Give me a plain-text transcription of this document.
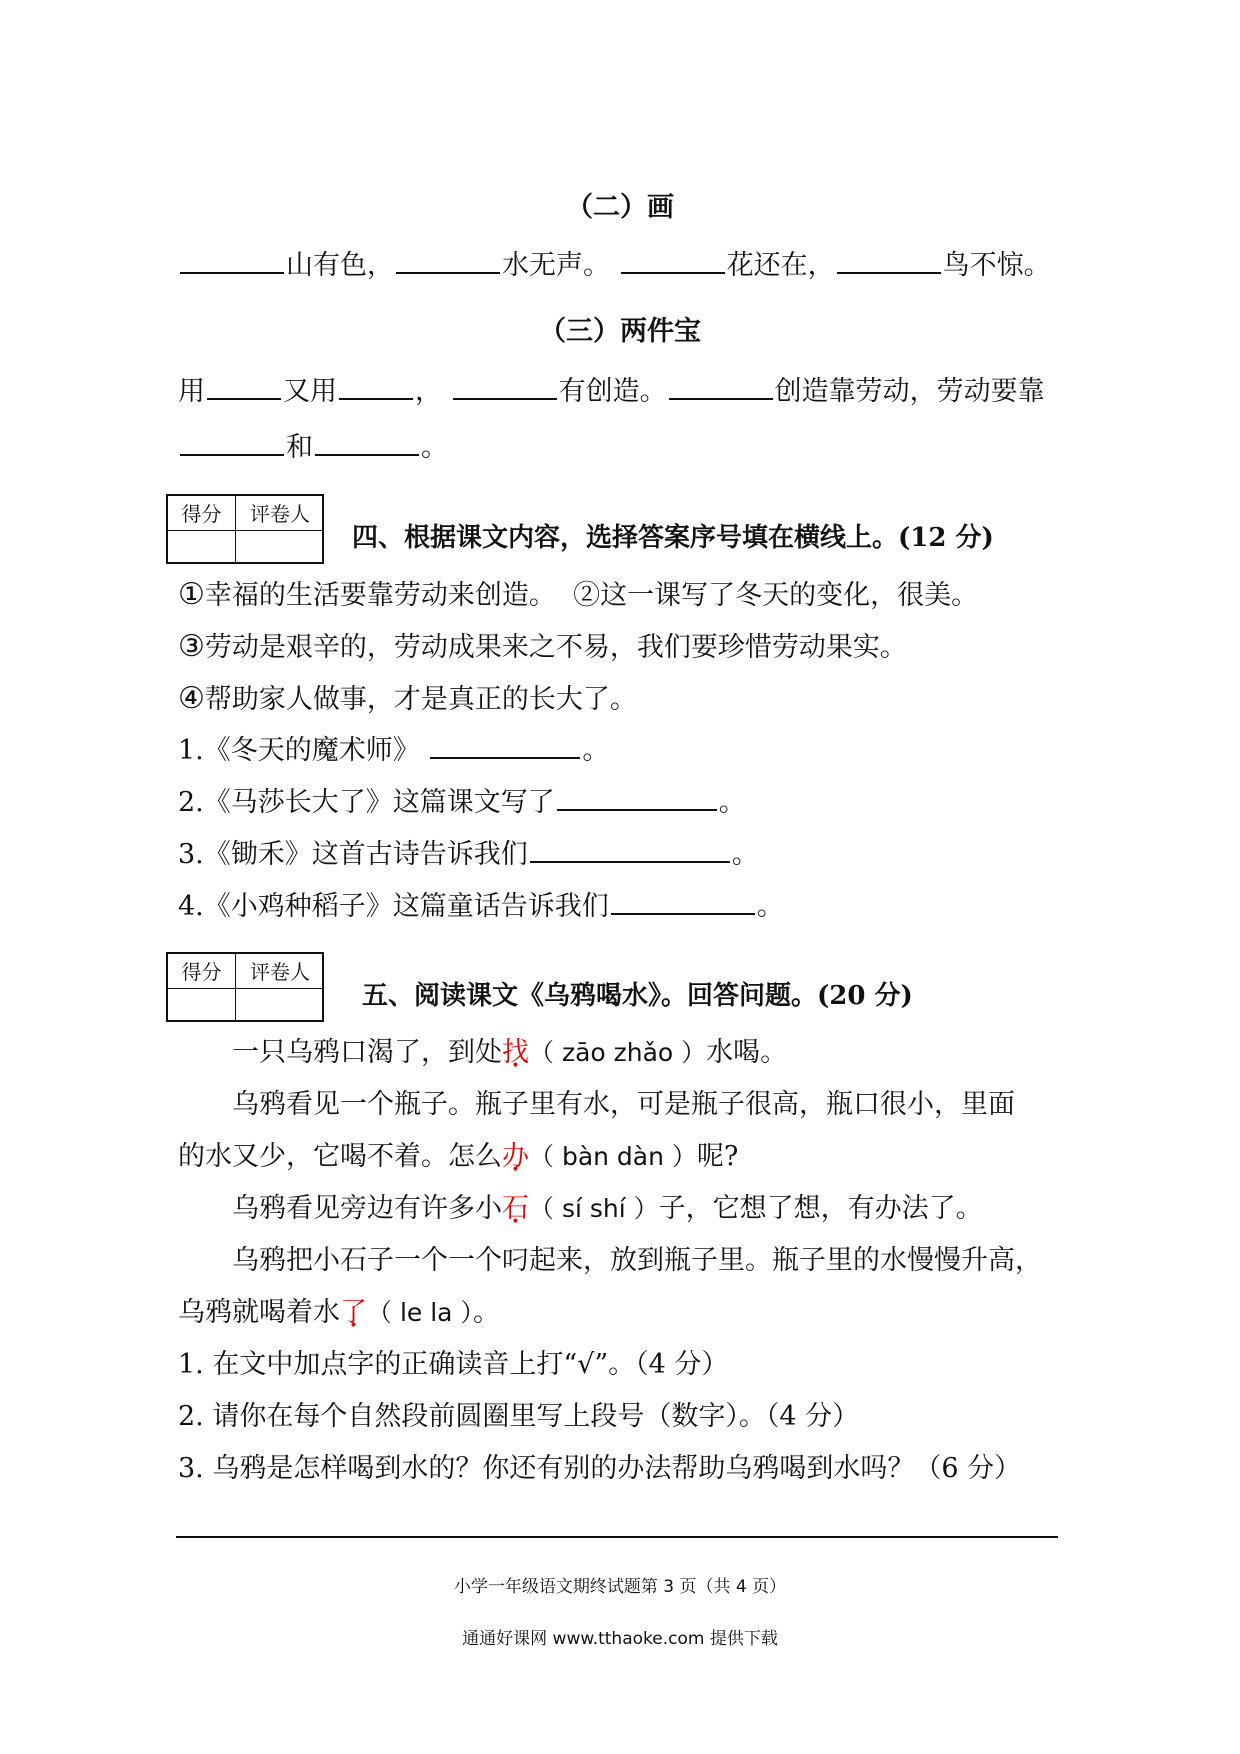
（二）画
山有色，	水无声。	花还在，	鸟不惊。
（三）两件宝
用	又用	，	有创造。	创造靠劳动，劳动要靠
和	。
得分	评卷人
四、根据课文内容，选择答案序号填在横线上。(12 分)
①幸福的生活要靠劳动来创造。 ②这一课写了冬天的变化，很美。
③劳动是艰辛的，劳动成果来之不易，我们要珍惜劳动果实。
④帮助家人做事，才是真正的长大了。
1.《冬天的魔术师》	。
2.《马莎长大了》这篇课文写了	。
3.《锄禾》这首古诗告诉我们	。
4.《小鸡种稻子》这篇童话告诉我们	。
得分	评卷人
五、阅读课文《乌鸦喝水》。回答问题。(20 分)
一只乌鸦口渴了，到处找（ zāo zhǎo ）水喝。
乌鸦看见一个瓶子。瓶子里有水，可是瓶子很高，瓶口很小，里面
的水又少，它喝不着。怎么办（ bàn dàn ）呢?
乌鸦看见旁边有许多小石（ sí shí ）子，它想了想，有办法了。
乌鸦把小石子一个一个叼起来，放到瓶子里。瓶子里的水慢慢升高，
乌鸦就喝着水了（ le la ）。
1. 在文中加点字的正确读音上打“√”。（4 分）
2. 请你在每个自然段前圆圈里写上段号（数字）。（4 分）
3. 乌鸦是怎样喝到水的？你还有别的办法帮助乌鸦喝到水吗？（6 分）
小学一年级语文期终试题第 3 页（共 4 页）
通通好课网 www.tthaoke.com 提供下载
